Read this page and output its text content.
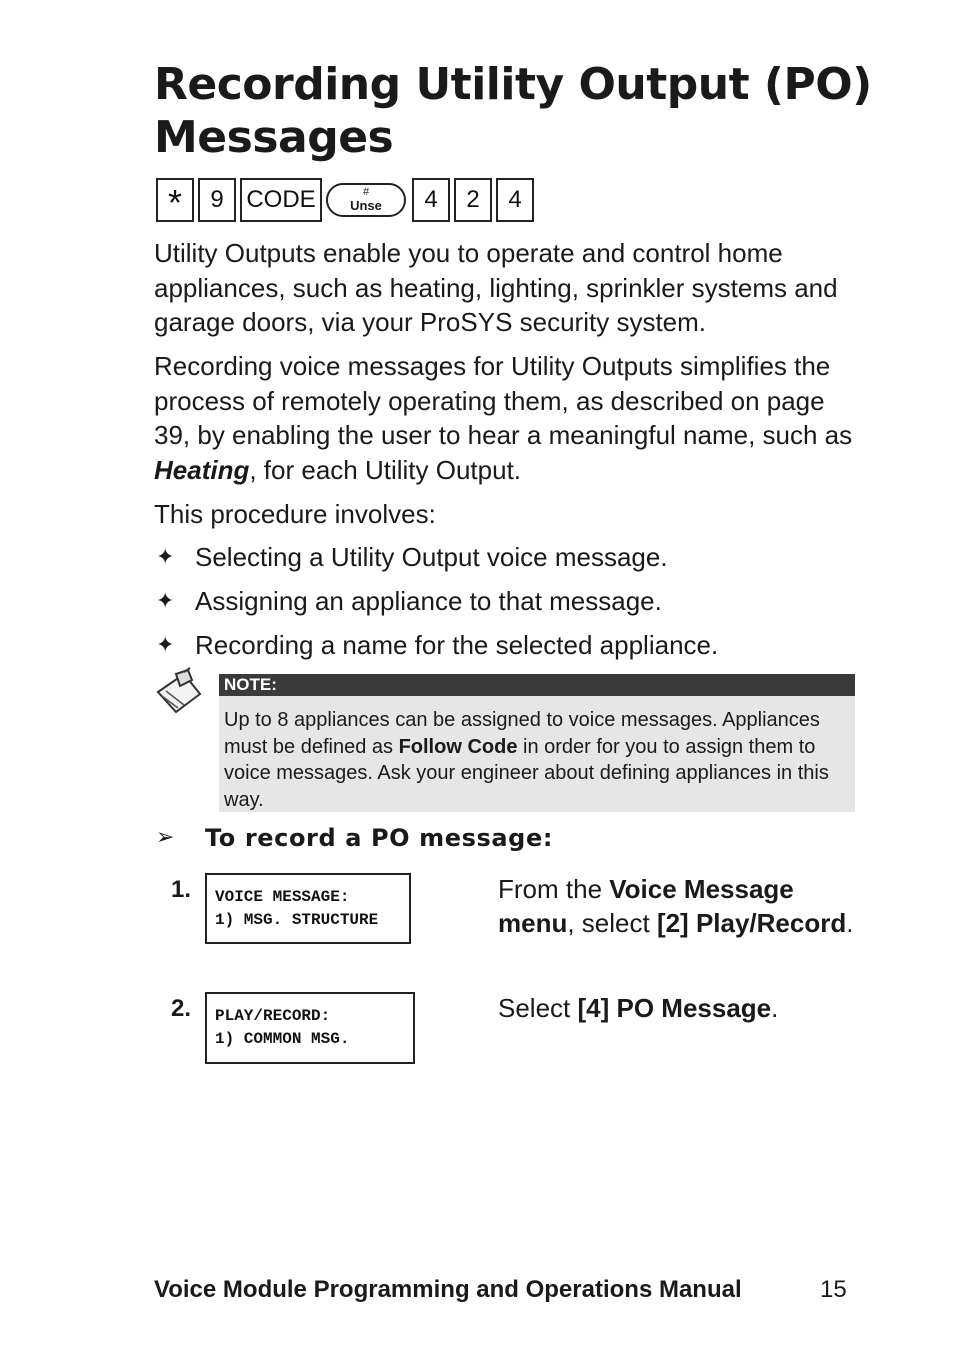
Recording Utility Output (PO) Messages
*	9 CODE	#
Unse	4	2	4

Utility Outputs enable you to operate and control home appliances, such as heating, lighting, sprinkler systems and garage doors, via your ProSYS security system.

Recording voice messages for Utility Outputs simplifies the process of remotely operating them, as described on page 39, by enabling the user to hear a meaningful name, such as Heating, for each Utility Output.

This procedure involves:

✦ Selecting a Utility Output voice message.
✦ Assigning an appliance to that message.
✦ Recording a name for the selected appliance.
NOTE:
Up to 8 appliances can be assigned to voice messages. Appliances must be defined as Follow Code in order for you to assign them to voice messages. Ask your engineer about defining appliances in this way.
➢ To record a PO message:
1. VOICE MESSAGE:
1) MSG. STRUCTURE
From the Voice Message menu, select [2] Play/Record.
2. PLAY/RECORD:
1) COMMON MSG.
Select [4] PO Message.
Voice Module Programming and Operations Manual	15
